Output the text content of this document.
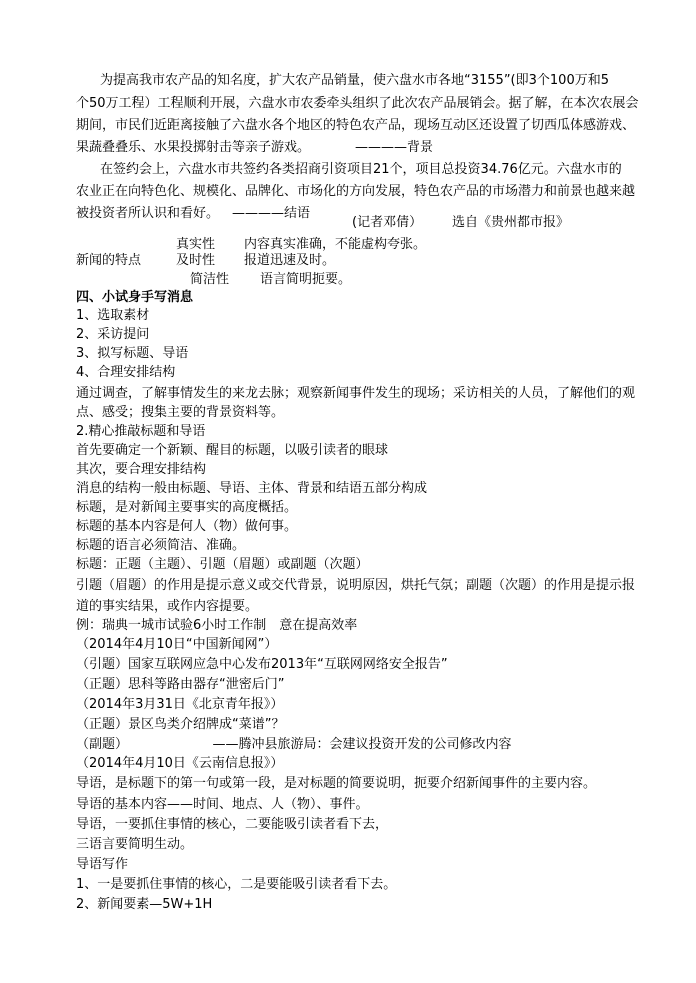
为提高我市农产品的知名度，扩大农产品销量，使六盘水市各地“3155”(即3个100万和5
个50万工程）工程顺利开展，六盘水市农委牵头组织了此次农产品展销会。据了解，在本次农展会
期间，市民们近距离接触了六盘水各个地区的特色农产品，现场互动区还设置了切西瓜体感游戏、
果蔬叠叠乐、水果投掷射击等亲子游戏。	————背景
在签约会上，六盘水市共签约各类招商引资项目21个，项目总投资34.76亿元。六盘水市的
农业正在向特色化、规模化、品牌化、市场化的方向发展，特色农产品的市场潜力和前景也越来越
被投资者所认识和看好。 ————结语
(记者邓倩） 选自《贵州都市报》
真实性 内容真实准确，不能虚构夸张。
新闻的特点	及时性 报道迅速及时。
简洁性 语言简明扼要。
四、小试身手写消息
1、选取素材
2、采访提问
3、拟写标题、导语
4、合理安排结构
通过调查，了解事情发生的来龙去脉；观察新闻事件发生的现场；采访相关的人员，了解他们的观
点、感受；搜集主要的背景资料等。
2.精心推敲标题和导语
首先要确定一个新颖、醒目的标题，以吸引读者的眼球
其次，要合理安排结构
消息的结构一般由标题、导语、主体、背景和结语五部分构成
标题，是对新闻主要事实的高度概括。
标题的基本内容是何人（物）做何事。
标题的语言必须简洁、准确。
标题：正题（主题）、引题（眉题）或副题（次题）
引题（眉题）的作用是提示意义或交代背景，说明原因，烘托气氛；副题（次题）的作用是提示报
道的事实结果，或作内容提要。
例：瑞典一城市试验6小时工作制　意在提高效率
（2014年4月10日“中国新闻网”）
（引题）国家互联网应急中心发布2013年“互联网网络安全报告”
（正题）思科等路由器存“泄密后门”
（2014年3月31日《北京青年报》）
（正题）景区鸟类介绍牌成“菜谱”？
（副题）　　　　　　　——腾冲县旅游局：会建议投资开发的公司修改内容
（2014年4月10日《云南信息报》）
导语，是标题下的第一句或第一段，是对标题的简要说明，扼要介绍新闻事件的主要内容。
导语的基本内容——时间、地点、人（物）、事件。
导语，一要抓住事情的核心，二要能吸引读者看下去，
三语言要简明生动。
导语写作
1、一是要抓住事情的核心，二是要能吸引读者看下去。
2、新闻要素—5W+1H
